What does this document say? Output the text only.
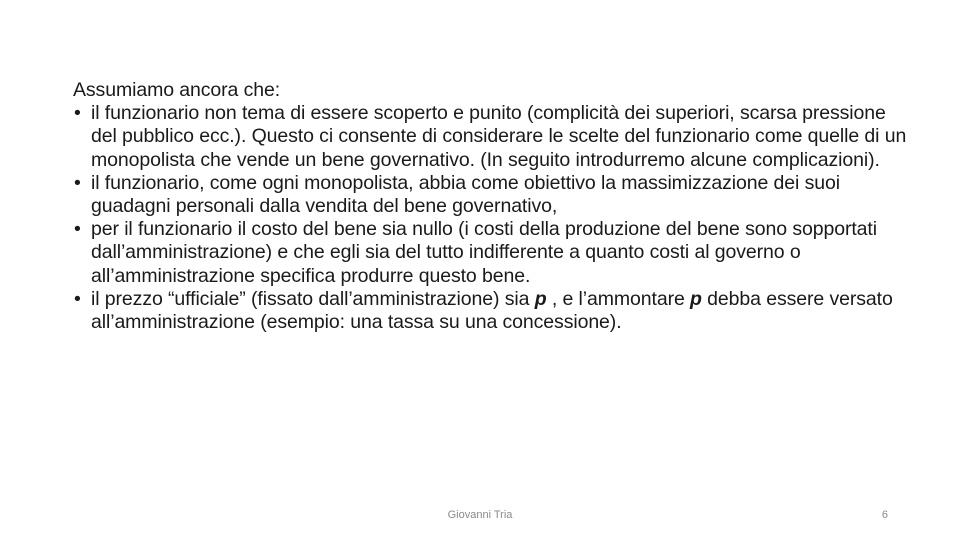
Assumiamo ancora che:

• il funzionario non tema di essere scoperto e punito (complicità dei superiori, scarsa pressione del pubblico ecc.). Questo ci consente di considerare le scelte del funzionario come quelle di un monopolista che vende un bene governativo. (In seguito introdurremo alcune complicazioni).
• il funzionario, come ogni monopolista, abbia come obiettivo la massimizzazione dei suoi guadagni personali dalla vendita del bene governativo,
• per il funzionario il costo del bene sia nullo (i costi della produzione del bene sono sopportati dall’amministrazione) e che egli sia del tutto indifferente a quanto costi al governo o all’amministrazione specifica produrre questo bene.
• il prezzo “ufficiale” (fissato dall’amministrazione) sia p , e l’ammontare p debba essere versato all’amministrazione (esempio: una tassa su una concessione).
Giovanni Tria	6
